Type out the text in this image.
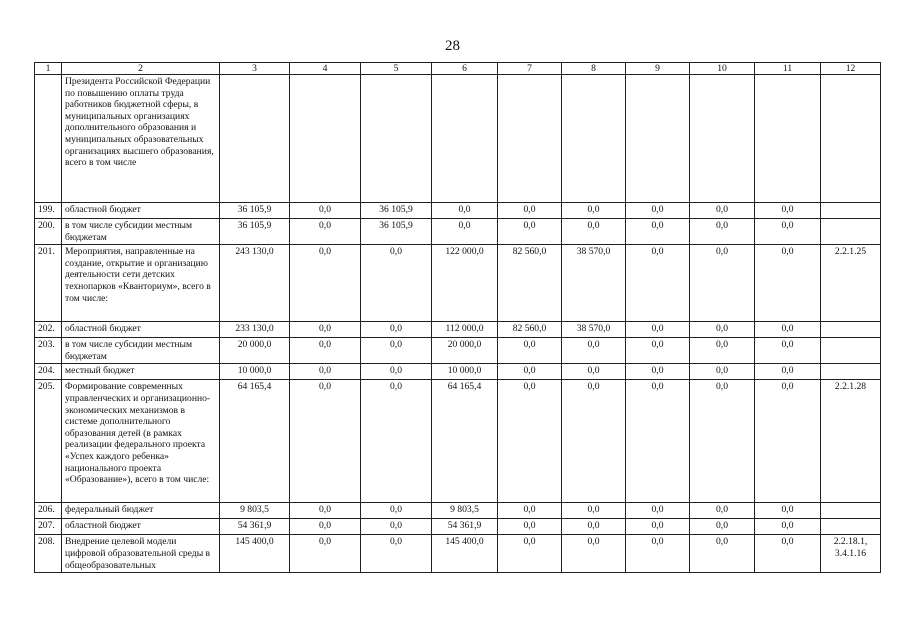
28
1	2	3	4	5	6	7	8	9	10	11	12
	Президента Российской Федерации по повышению оплаты труда работников бюджетной сферы, в муниципальных организациях дополнительного образования и муниципальных образовательных организациях высшего образования, всего в том числе										
199.	областной бюджет	36 105,9	0,0	36 105,9	0,0	0,0	0,0	0,0	0,0	0,0	
200.	в том числе субсидии местным бюджетам	36 105,9	0,0	36 105,9	0,0	0,0	0,0	0,0	0,0	0,0	
201.	Мероприятия, направленные на создание, открытие и организацию деятельности сети детских технопарков «Кванториум», всего в том числе:	243 130,0	0,0	0,0	122 000,0	82 560,0	38 570,0	0,0	0,0	0,0	2.2.1.25
202.	областной бюджет	233 130,0	0,0	0,0	112 000,0	82 560,0	38 570,0	0,0	0,0	0,0	
203.	в том числе субсидии местным бюджетам	20 000,0	0,0	0,0	20 000,0	0,0	0,0	0,0	0,0	0,0	
204.	местный бюджет	10 000,0	0,0	0,0	10 000,0	0,0	0,0	0,0	0,0	0,0	
205.	Формирование современных управленческих и организационно-экономических механизмов в системе дополнительного образования детей (в рамках реализации федерального проекта «Успех каждого ребенка» национального проекта «Образование»), всего в том числе:	64 165,4	0,0	0,0	64 165,4	0,0	0,0	0,0	0,0	0,0	2.2.1.28
206.	федеральный бюджет	9 803,5	0,0	0,0	9 803,5	0,0	0,0	0,0	0,0	0,0	
207.	областной бюджет	54 361,9	0,0	0,0	54 361,9	0,0	0,0	0,0	0,0	0,0	
208.	Внедрение целевой модели цифровой образовательной среды в общеобразовательных	145 400,0	0,0	0,0	145 400,0	0,0	0,0	0,0	0,0	0,0	2.2.18.1, 3.4.1.16
